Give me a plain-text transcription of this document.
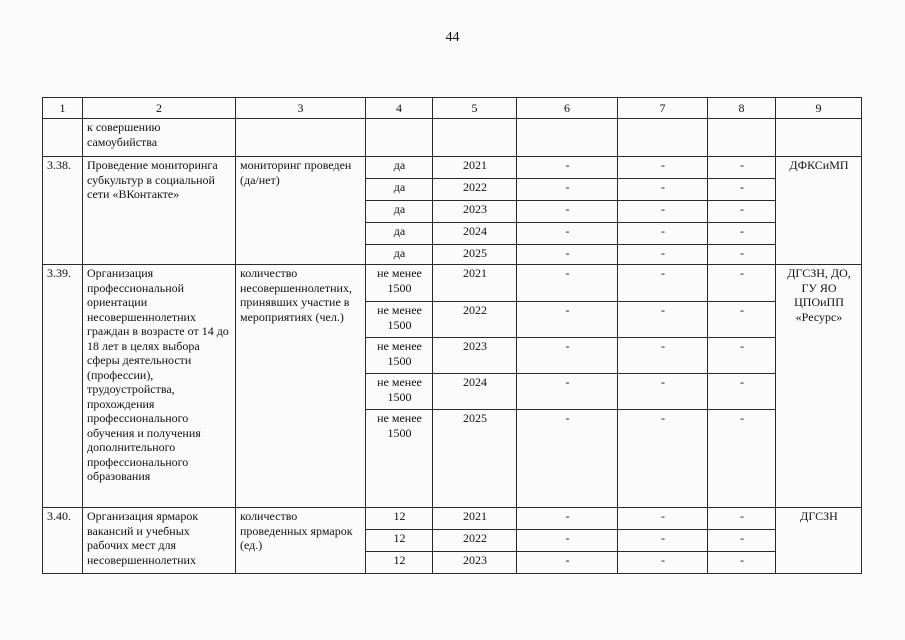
44
1	2	3	4	5	6	7	8	9
	к совершению самоубийства							
3.38.	Проведение мониторинга субкультур в социальной сети «ВКонтакте»	мониторинг проведен (да/нет)	да	2021	-	-	-	ДФКСиМП
			да	2022	-	-	-	
			да	2023	-	-	-	
			да	2024	-	-	-	
			да	2025	-	-	-	
3.39.	Организация профессиональной ориентации несовершеннолетних граждан в возрасте от 14 до 18 лет в целях выбора сферы деятельности (профессии), трудоустройства, прохождения профессионального обучения и получения дополнительного профессионального образования	количество несовершеннолетних, принявших участие в мероприятиях (чел.)	не менее 1500	2021	-	-	-	ДГСЗН, ДО, ГУ ЯО ЦПОиПП «Ресурс»
			не менее 1500	2022	-	-	-	
			не менее 1500	2023	-	-	-	
			не менее 1500	2024	-	-	-	
			не менее 1500	2025	-	-	-	
3.40.	Организация ярмарок вакансий и учебных рабочих мест для несовершеннолетних	количество проведенных ярмарок (ед.)	12	2021	-	-	-	ДГСЗН
			12	2022	-	-	-	
			12	2023	-	-	-	
